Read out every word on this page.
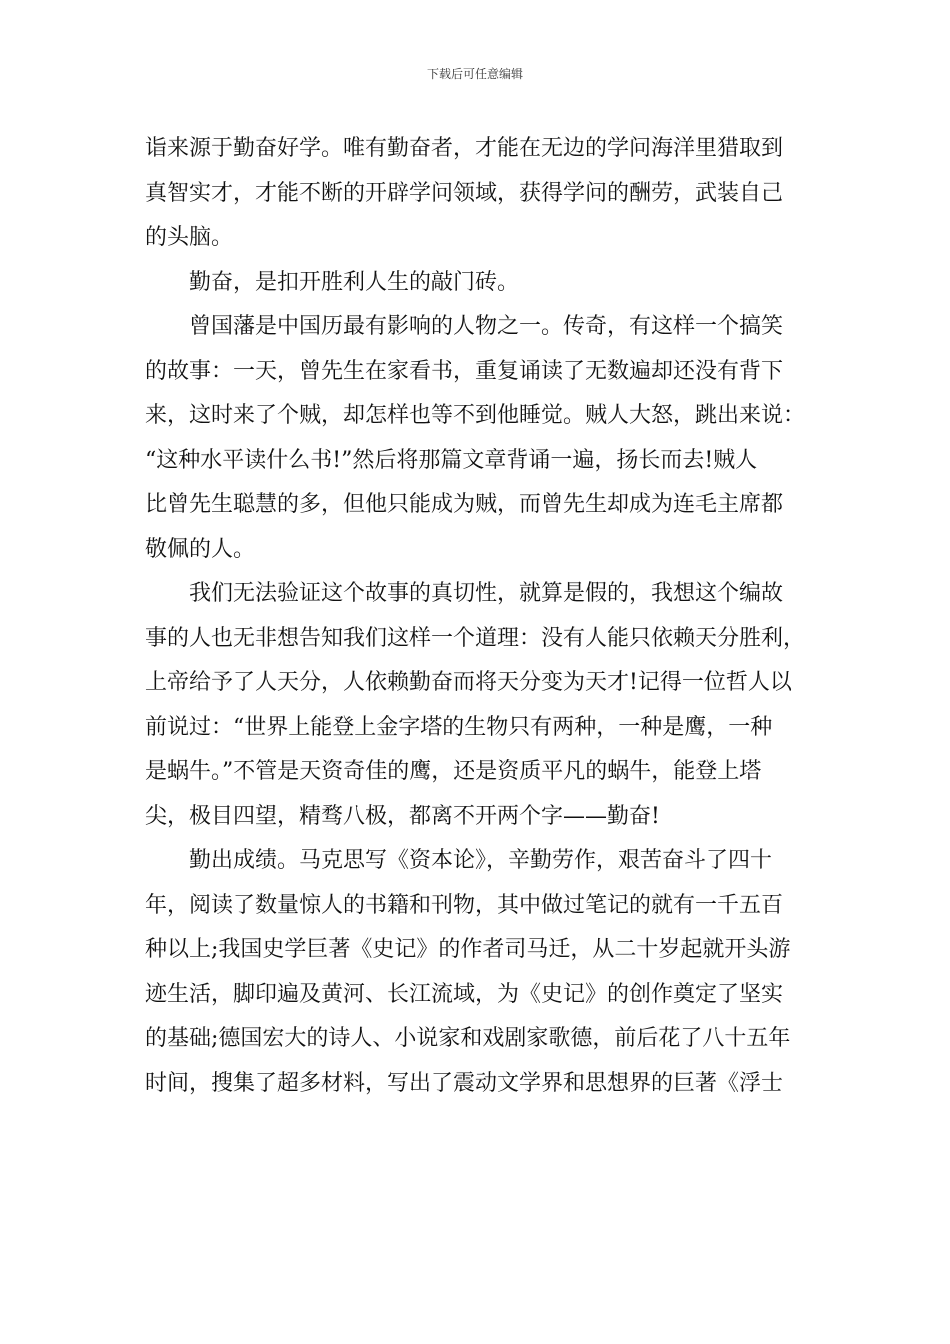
下载后可任意编辑
诣来源于勤奋好学。唯有勤奋者，才能在无边的学问海洋里猎取到
真智实才，才能不断的开辟学问领域，获得学问的酬劳，武装自己
的头脑。
勤奋，是扣开胜利人生的敲门砖。
曾国藩是中国历最有影响的人物之一。传奇，有这样一个搞笑
的故事：一天，曾先生在家看书，重复诵读了无数遍却还没有背下
来，这时来了个贼，却怎样也等不到他睡觉。贼人大怒，跳出来说：
“这种水平读什么书!”然后将那篇文章背诵一遍，扬长而去!贼人
比曾先生聪慧的多，但他只能成为贼，而曾先生却成为连毛主席都
敬佩的人。
我们无法验证这个故事的真切性，就算是假的，我想这个编故
事的人也无非想告知我们这样一个道理：没有人能只依赖天分胜利，
上帝给予了人天分，人依赖勤奋而将天分变为天才!记得一位哲人以
前说过：“世界上能登上金字塔的生物只有两种，一种是鹰，一种
是蜗牛。”不管是天资奇佳的鹰，还是资质平凡的蜗牛，能登上塔
尖，极目四望，精骛八极，都离不开两个字——勤奋!
勤出成绩。马克思写《资本论》，辛勤劳作，艰苦奋斗了四十
年，阅读了数量惊人的书籍和刊物，其中做过笔记的就有一千五百
种以上;我国史学巨著《史记》的作者司马迁，从二十岁起就开头游
迹生活，脚印遍及黄河、长江流域，为《史记》的创作奠定了坚实
的基础;德国宏大的诗人、小说家和戏剧家歌德，前后花了八十五年
时间，搜集了超多材料，写出了震动文学界和思想界的巨著《浮士
